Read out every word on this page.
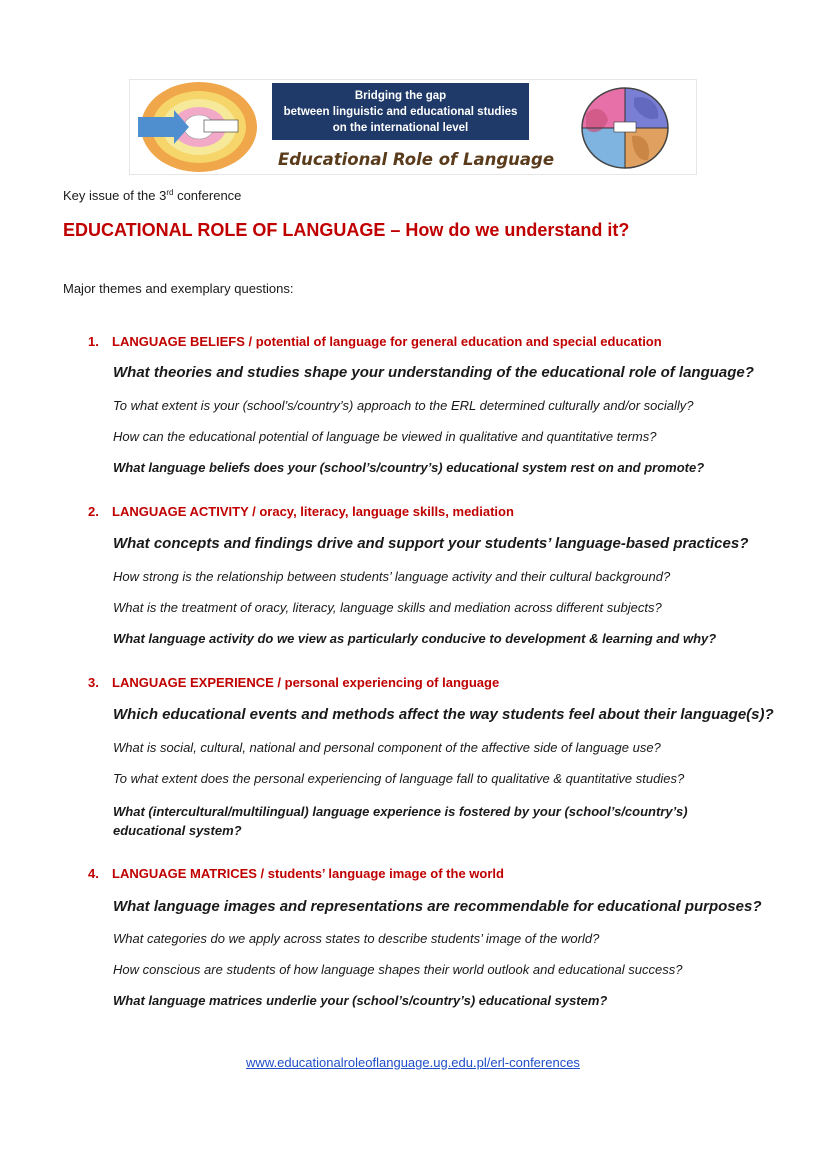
Bridging the gap
between linguistic and educational studies
on the international level
Educational Role of Language
Key issue of the 3rd conference
EDUCATIONAL ROLE OF LANGUAGE – How do we understand it?
Major themes and exemplary questions:
1. LANGUAGE BELIEFS / potential of language for general education and special education
What theories and studies shape your understanding of the educational role of language?
To what extent is your (school’s/country’s) approach to the ERL determined culturally and/or socially?
How can the educational potential of language be viewed in qualitative and quantitative terms?
What language beliefs does your (school’s/country’s) educational system rest on and promote?
2. LANGUAGE ACTIVITY / oracy, literacy, language skills, mediation
What concepts and findings drive and support your students’ language-based practices?
How strong is the relationship between students’ language activity and their cultural background?
What is the treatment of oracy, literacy, language skills and mediation across different subjects?
What language activity do we view as particularly conducive to development & learning and why?
3. LANGUAGE EXPERIENCE / personal experiencing of language
Which educational events and methods affect the way students feel about their language(s)?
What is social, cultural, national and personal component of the affective side of language use?
To what extent does the personal experiencing of language fall to qualitative & quantitative studies?
What (intercultural/multilingual) language experience is fostered by your (school’s/country’s) educational system?
4. LANGUAGE MATRICES / students’ language image of the world
What language images and representations are recommendable for educational purposes?
What categories do we apply across states to describe students’ image of the world?
How conscious are students of how language shapes their world outlook and educational success?
What language matrices underlie your (school’s/country’s) educational system?
www.educationalroleoflanguage.ug.edu.pl/erl-conferences
